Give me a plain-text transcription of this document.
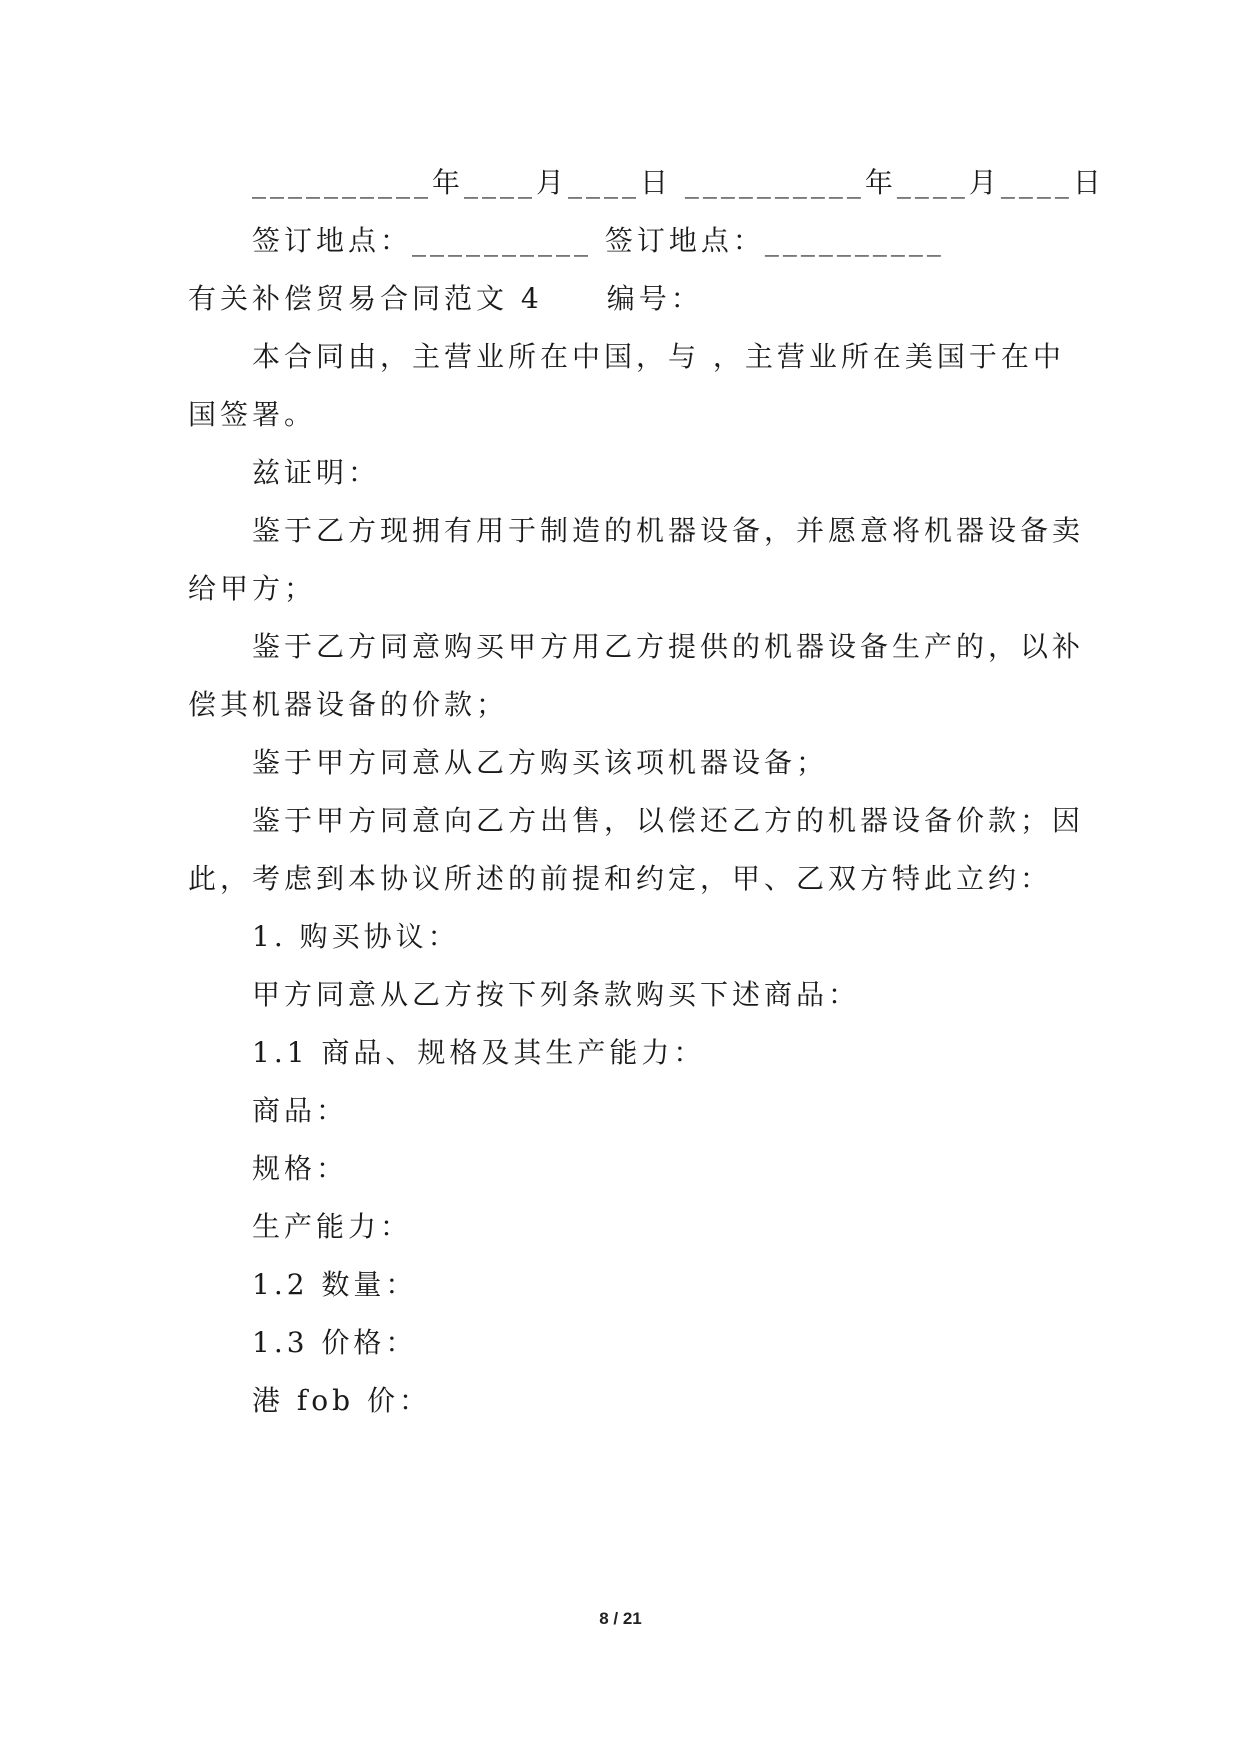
__________年____月____日 __________年____月____日
签订地点：__________ 签订地点：__________
有关补偿贸易合同范文 4　　编号：
本合同由，主营业所在中国，与 ，主营业所在美国于在中
国签署。
兹证明：
鉴于乙方现拥有用于制造的机器设备，并愿意将机器设备卖
给甲方；
鉴于乙方同意购买甲方用乙方提供的机器设备生产的，以补
偿其机器设备的价款；
鉴于甲方同意从乙方购买该项机器设备；
鉴于甲方同意向乙方出售，以偿还乙方的机器设备价款；因
此，考虑到本协议所述的前提和约定，甲、乙双方特此立约：
1. 购买协议：
甲方同意从乙方按下列条款购买下述商品：
1.1 商品、规格及其生产能力：
商品：
规格：
生产能力：
1.2 数量：
1.3 价格：
港 fob 价：
8 / 21
